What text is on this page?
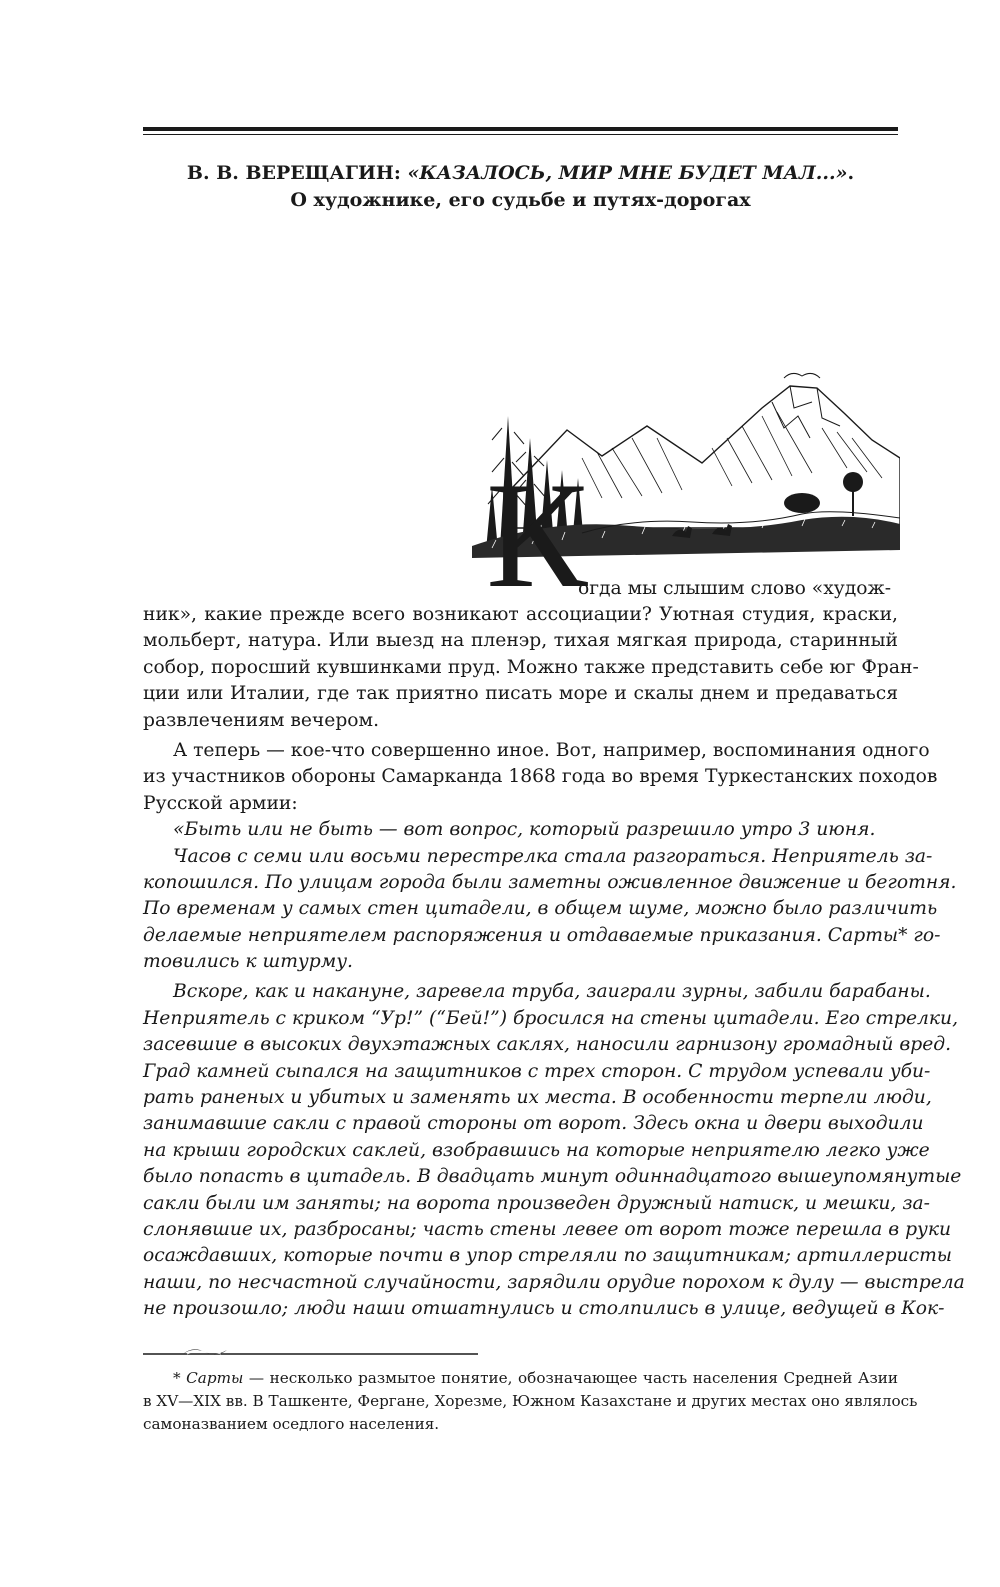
В. В. ВЕРЕЩАГИН: «КАЗАЛОСЬ, МИР МНЕ БУДЕТ МАЛ...».
О художнике, его судьбе и путях-дорогах
К
огда мы слышим слово «худож-
ник», какие прежде всего возникают ассоциации? Уютная студия, краски,
мольберт, натура. Или выезд на пленэр, тихая мягкая природа, старинный
собор, поросший кувшинками пруд. Можно также представить себе юг Фран-
ции или Италии, где так приятно писать море и скалы днем и предаваться
развлечениям вечером.
А теперь — кое-что совершенно иное. Вот, например, воспоминания одного
из участников обороны Самарканда 1868 года во время Туркестанских походов
Русской армии:
«Быть или не быть — вот вопрос, который разрешило утро 3 июня.
Часов с семи или восьми перестрелка стала разгораться. Неприятель за-
копошился. По улицам города были заметны оживленное движение и беготня.
По временам у самых стен цитадели, в общем шуме, можно было различить
делаемые неприятелем распоряжения и отдаваемые приказания. Сарты* го-
товились к штурму.
Вскоре, как и накануне, заревела труба, заиграли зурны, забили барабаны.
Неприятель с криком “Ур!” (“Бей!”) бросился на стены цитадели. Его стрелки,
засевшие в высоких двухэтажных саклях, наносили гарнизону громадный вред.
Град камней сыпался на защитников с трех сторон. С трудом успевали уби-
рать раненых и убитых и заменять их места. В особенности терпели люди,
занимавшие сакли с правой стороны от ворот. Здесь окна и двери выходили
на крыши городских саклей, взобравшись на которые неприятелю легко уже
было попасть в цитадель. В двадцать минут одиннадцатого вышеупомянутые
сакли были им заняты; на ворота произведен дружный натиск, и мешки, за-
слонявшие их, разбросаны; часть стены левее от ворот тоже перешла в руки
осаждавших, которые почти в упор стреляли по защитникам; артиллеристы
наши, по несчастной случайности, зарядили орудие порохом к дулу — выстрела
не произошло; люди наши отшатнулись и столпились в улице, ведущей в Кок-
* Сарты — несколько размытое понятие, обозначающее часть населения Средней Азии
в XV—XIX вв. В Ташкенте, Фергане, Хорезме, Южном Казахстане и других местах оно являлось
самоназванием оседлого населения.
